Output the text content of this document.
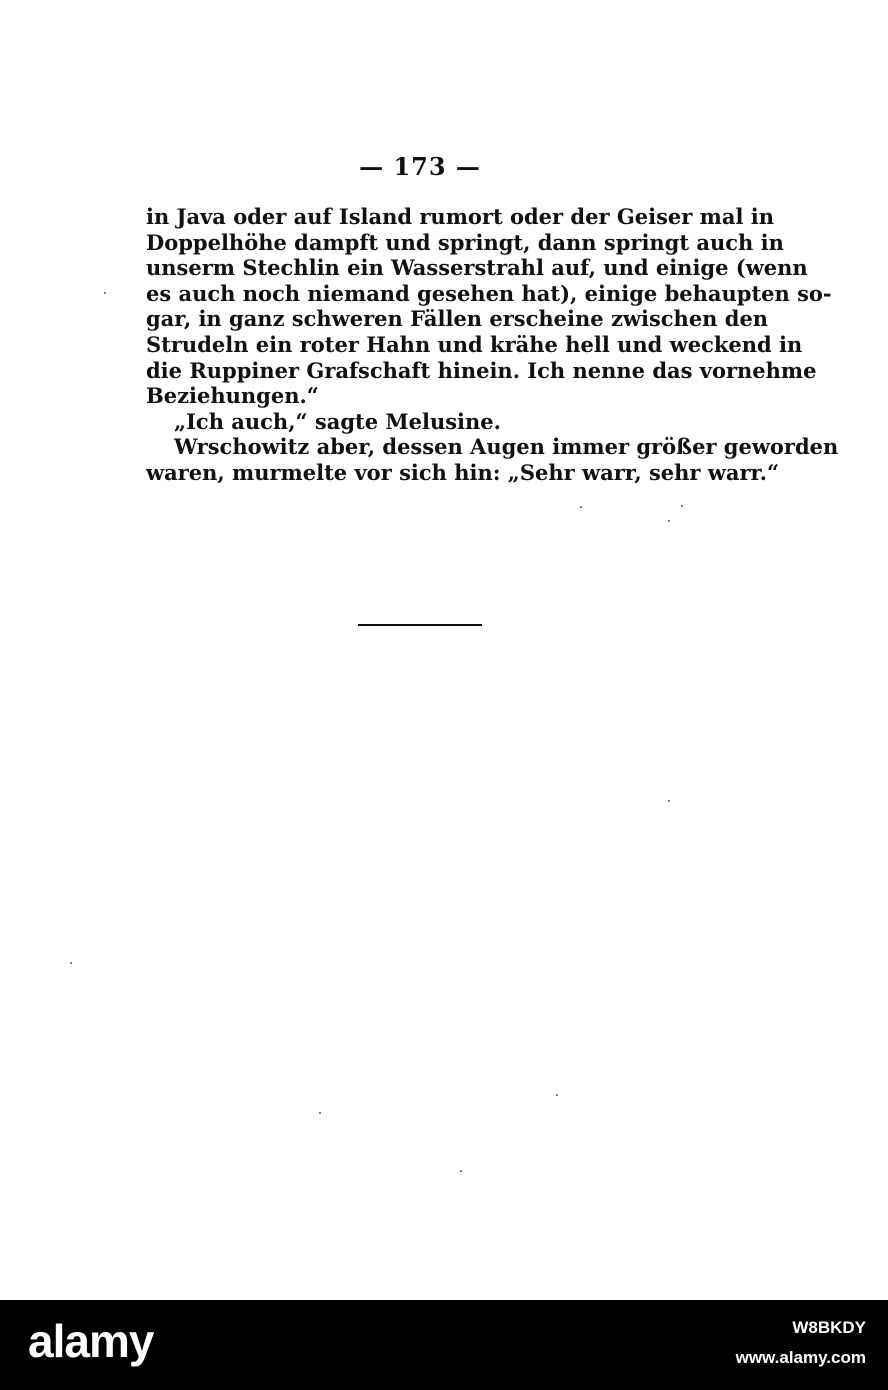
— 173 —
in Java oder auf Island rumort oder der Geiser mal in
Doppelhöhe dampft und springt, dann springt auch in
unserm Stechlin ein Wasserstrahl auf, und einige (wenn
es auch noch niemand gesehen hat), einige behaupten so-
gar, in ganz schweren Fällen erscheine zwischen den
Strudeln ein roter Hahn und krähe hell und weckend in
die Ruppiner Grafschaft hinein. Ich nenne das vornehme
Beziehungen.“
„Ich auch,“ sagte Melusine.
Wrschowitz aber, dessen Augen immer größer geworden
waren, murmelte vor sich hin: „Sehr warr, sehr warr.“
alamy	W8BKDY
www.alamy.com
